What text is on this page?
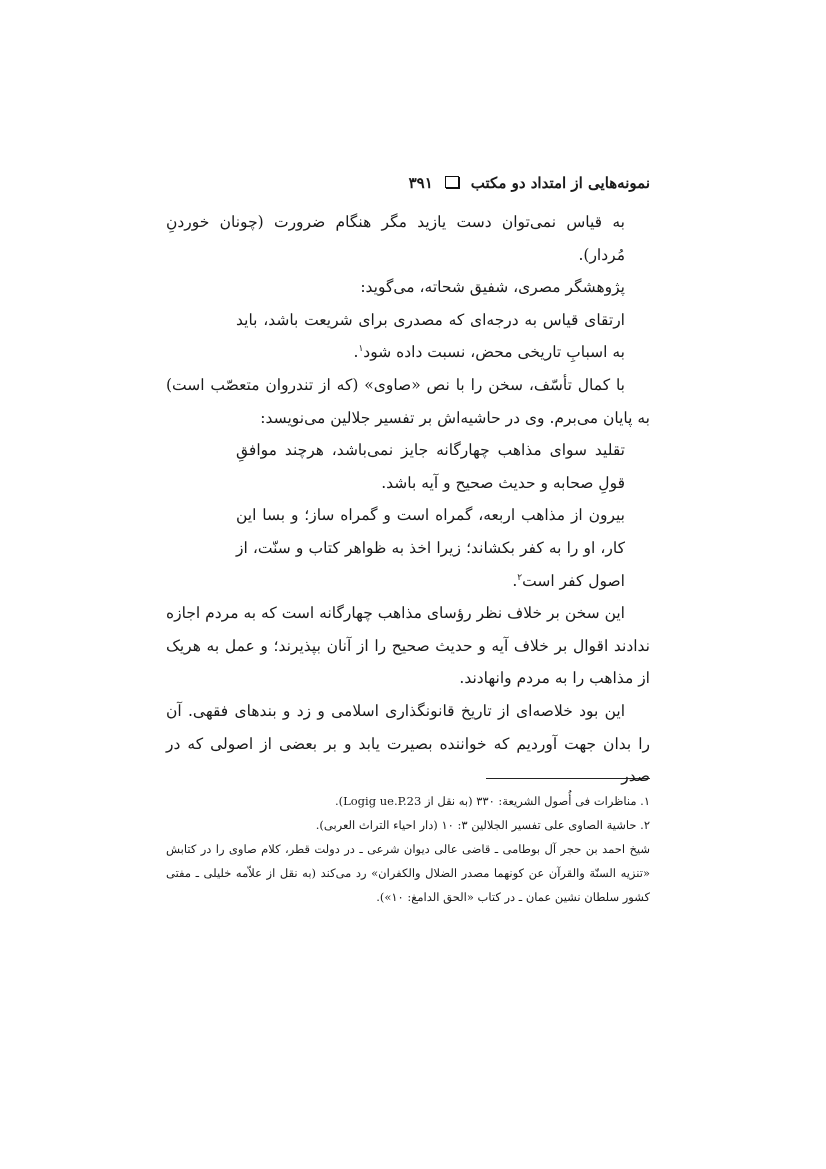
نمونه‌هایی از امتداد دو مکتب
۳۹۱

به قیاس نمی‌توان دست یازید مگر هنگام ضرورت (چونان خوردنِ مُردار).

پژوهشگر مصری، شفیق شحاته، می‌گوید:

ارتقای قیاس به درجه‌ای که مصدری برای شریعت باشد، باید به اسبابِ تاریخی محض، نسبت داده شود$^۱$.

با کمال تأسّف، سخن را با نص «صاوی» (که از تندروان متعصّب است) به پایان می‌برم. وی در حاشیه‌اش بر تفسیر جلالین می‌نویسد:

تقلید سوای مذاهب چهارگانه جایز نمی‌باشد، هرچند موافقِ قولِ صحابه و حدیث صحیح و آیه باشد.

بیرون از مذاهب اربعه، گمراه است و گمراه ساز؛ و بسا این کار، او را به کفر بکشاند؛ زیرا اخذ به ظواهر کتاب و سنّت، از اصول کفر است$^۲$.

این سخن بر خلاف نظر رؤسای مذاهب چهارگانه است که به مردم اجازه ندادند اقوال بر خلاف آیه و حدیث صحیح را از آنان بپذیرند؛ و عمل به هریک از مذاهب را به مردم وانهادند.

این بود خلاصه‌ای از تاریخ قانونگذاری اسلامی و زد و بندهای فقهی. آن را بدان جهت آوردیم که خواننده بصیرت یابد و بر بعضی از اصولی که در صدر

۱. مناظرات فی أُصول الشریعة: ۳۳۰ (به نقل از Logig ue.P.23).

۲. حاشیة الصاوی علی تفسیر الجلالین ۳: ۱۰ (دار احیاء التراث العربی).

شیخ احمد بن حجر آل بوطامی ـ قاضی عالی دیوان شرعی ـ در دولت قطر، کلام صاوی را در کتابش «تنزیه السنّة والقرآن عن کونهما مصدر الضلال والکفران» رد می‌کند (به نقل از علاّمه خلیلی ـ مفتی کشور سلطان نشین عمان ـ در کتاب «الحق الدامغ: ۱۰»).
